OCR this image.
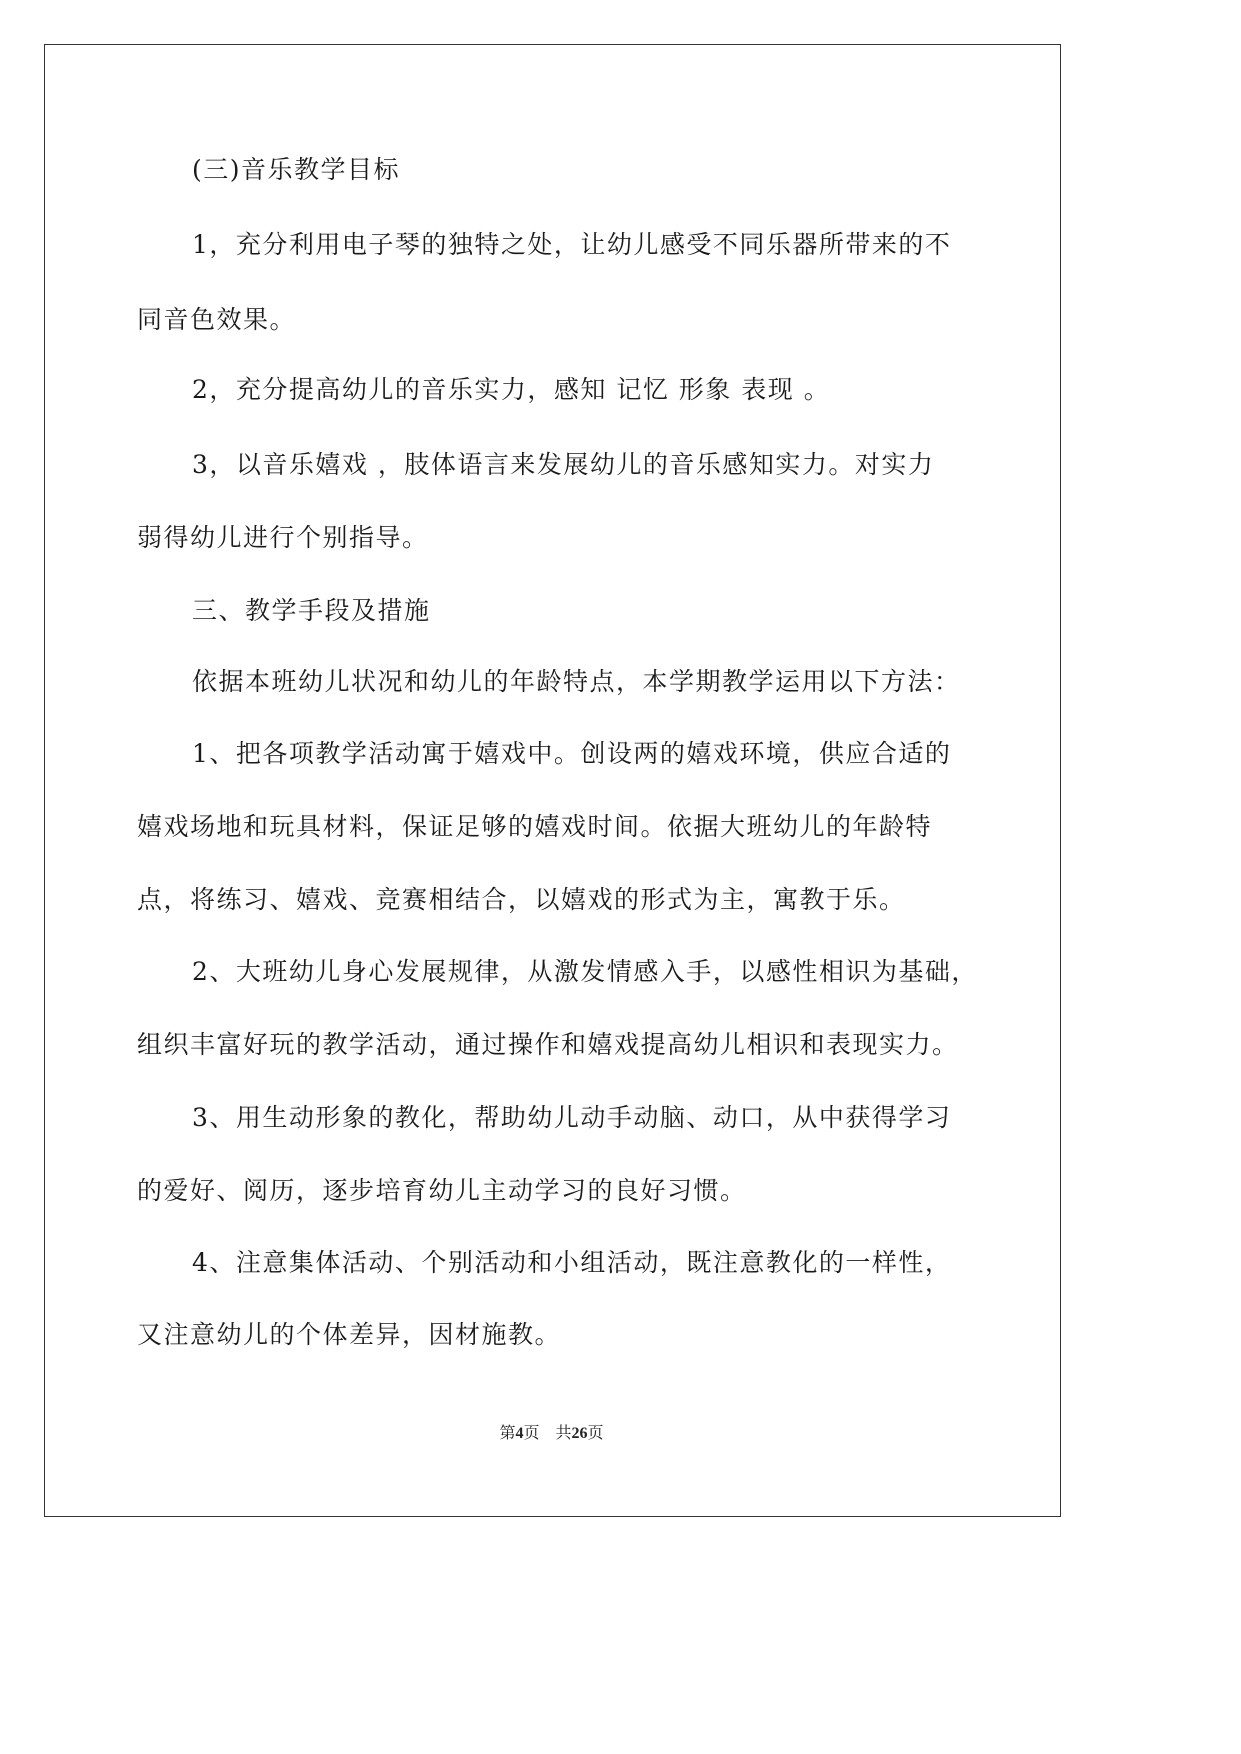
(三)音乐教学目标
1，充分利用电子琴的独特之处，让幼儿感受不同乐器所带来的不
同音色效果。
2，充分提高幼儿的音乐实力，感知 记忆 形象 表现 。
3，以音乐嬉戏 ，肢体语言来发展幼儿的音乐感知实力。对实力
弱得幼儿进行个别指导。
三、教学手段及措施
依据本班幼儿状况和幼儿的年龄特点，本学期教学运用以下方法：
1、把各项教学活动寓于嬉戏中。创设两的嬉戏环境，供应合适的
嬉戏场地和玩具材料，保证足够的嬉戏时间。依据大班幼儿的年龄特
点，将练习、嬉戏、竞赛相结合，以嬉戏的形式为主，寓教于乐。
2、大班幼儿身心发展规律，从激发情感入手，以感性相识为基础，
组织丰富好玩的教学活动，通过操作和嬉戏提高幼儿相识和表现实力。
3、用生动形象的教化，帮助幼儿动手动脑、动口，从中获得学习
的爱好、阅历，逐步培育幼儿主动学习的良好习惯。
4、注意集体活动、个别活动和小组活动，既注意教化的一样性，
又注意幼儿的个体差异，因材施教。
第4页 共26页
